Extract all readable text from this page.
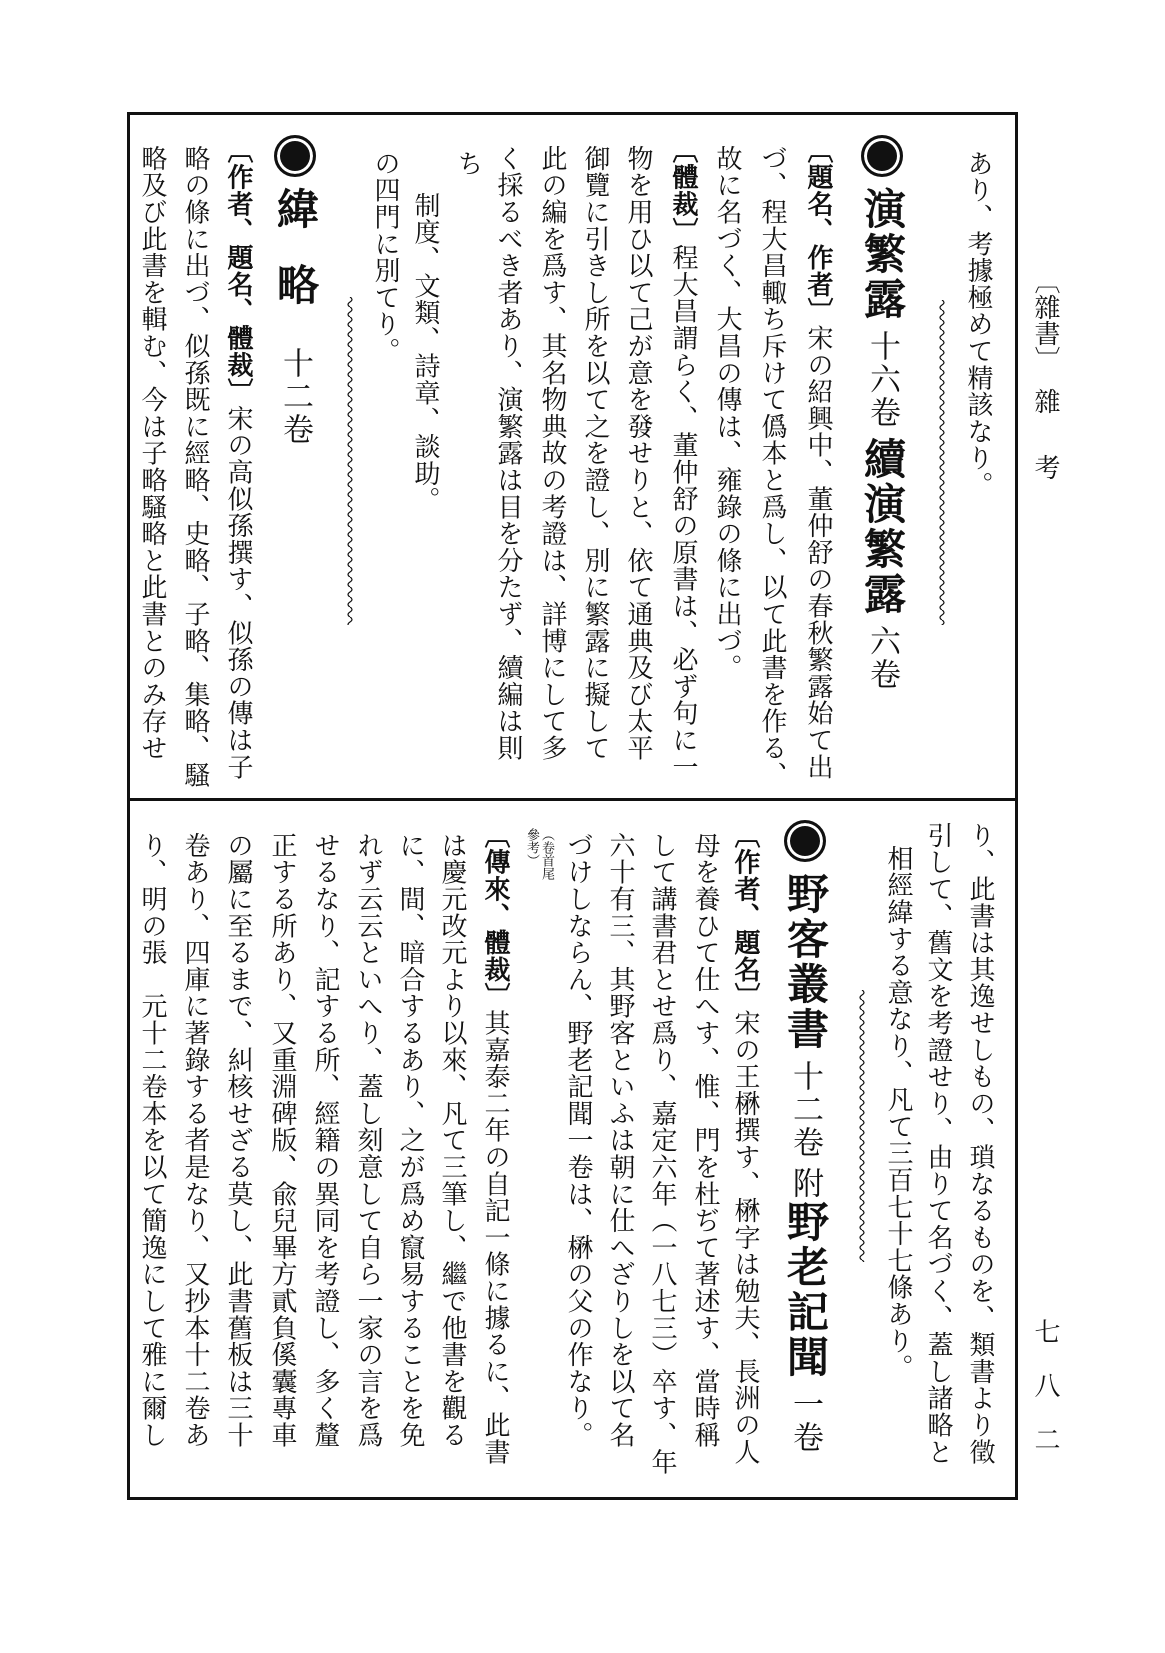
〔雜書〕
雜考
七八二
あり、考據極めて精該なり。
演繁露
十六卷
續演繁露
六卷
〔題名、作者〕宋の紹興中、董仲舒の春秋繁露始て出
づ、程大昌輙ち斥けて僞本と爲し、以て此書を作る、
故に名づく、大昌の傳は、雍錄の條に出づ。
〔體裁〕程大昌謂らく、董仲舒の原書は、必ず句に一
物を用ひ以て己が意を發せりと、依て通典及び太平
御覽に引きし所を以て之を證し、別に繁露に擬して
此の編を爲す、其名物典故の考證は、詳博にして多
く採るべき者あり、演繁露は目を分たず、續編は則
ち
制度、文類、詩章、談助。
の四門に別てり。
緯略
十二卷
〔作者、題名、體裁〕宋の高似孫撰す、似孫の傳は子
略の條に出づ、似孫既に經略、史略、子略、集略、騷
略及び此書を輯む、今は子略騷略と此書とのみ存せ
り、此書は其逸せしもの、瑣なるものを、類書より徵
引して、舊文を考證せり、由りて名づく、蓋し諸略と
相經緯する意なり、凡て三百七十七條あり。
野客叢書
十二卷
附
野老記聞
一卷
〔作者、題名〕宋の王楙撰す、楙字は勉夫、長洲の人
母を養ひて仕へす、惟、門を杜ぢて著述す、當時稱
して講書君とせ爲り、嘉定六年（一八七三）卒す、年
六十有三、其野客といふは朝に仕へざりしを以て名
づけしならん、野老記聞一卷は、楙の父の作なり。
（卷首尾
參考）
〔傳來、體裁〕其嘉泰二年の自記一條に據るに、此書
は慶元改元より以來、凡て三筆し、繼で他書を觀る
に、間、暗合するあり、之が爲め竄易することを免
れず云云といへり、蓋し刻意して自ら一家の言を爲
せるなり、記する所、經籍の異同を考證し、多く釐
正する所あり、又重淵碑版、兪兒畢方貳負傒囊專車
の屬に至るまで、糾核せざる莫し、此書舊板は三十
卷あり、四庫に著錄する者是なり、又抄本十二卷あ
り、明の張　元十二卷本を以て簡逸にして雅に爾し
